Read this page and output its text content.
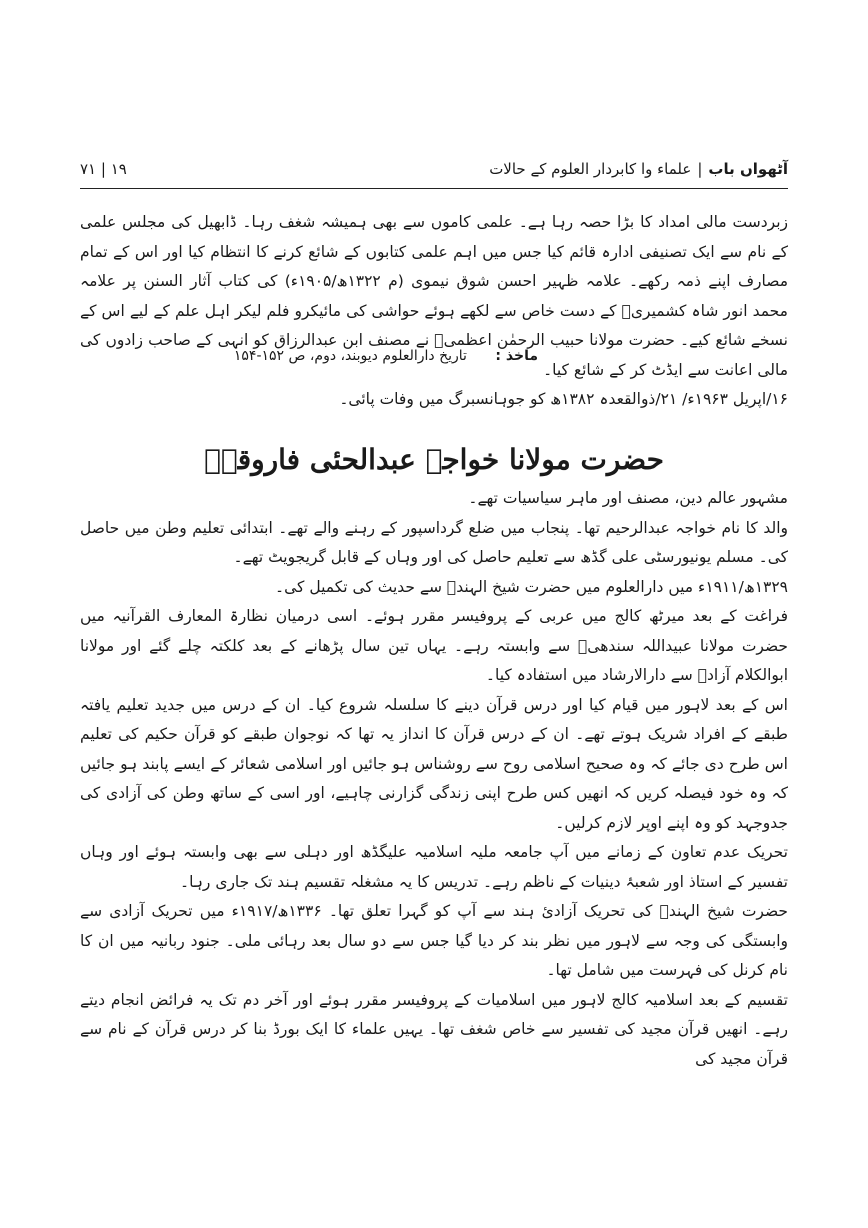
آٹھواں باب
|
علماء وا کابردار العلوم کے حالات
۱۹ | ۷۱

زبردست مالی امداد کا بڑا حصہ رہا ہے۔ علمی کاموں سے بھی ہمیشہ شغف رہا۔ ڈابھیل کی مجلس علمی کے نام سے ایک تصنیفی ادارہ قائم کیا جس میں اہم علمی کتابوں کے شائع کرنے کا انتظام کیا اور اس کے تمام مصارف اپنے ذمہ رکھے۔ علامہ ظہیر احسن شوق نیموی (م ۱۳۲۲ھ/۱۹۰۵ء) کی کتاب آثار السنن پر علامہ محمد انور شاہ کشمیریؒ کے دست خاص سے لکھے ہوئے حواشی کی مائیکرو فلم لیکر اہل علم کے لیے اس کے نسخے شائع کیے۔ حضرت مولانا حبیب الرحمٰن اعظمیؒ نے مصنف ابن عبدالرزاق کو انہی کے صاحب زادوں کی مالی اعانت سے ایڈٹ کر کے شائع کیا۔

۱۶/اپریل ۱۹۶۳ء/ ۲۱/ذوالقعدہ ۱۳۸۲ھ کو جوہانسبرگ میں وفات پائی۔

ماخذ : تاریخ دارالعلوم دیوبند، دوم، ص ۱۵۲-۱۵۴
حضرت مولانا خواجہ عبدالحئی فاروقیؒ

مشہور عالم دین، مصنف اور ماہر سیاسیات تھے۔

والد کا نام خواجہ عبدالرحیم تھا۔ پنجاب میں ضلع گرداسپور کے رہنے والے تھے۔ ابتدائی تعلیم وطن میں حاصل کی۔ مسلم یونیورسٹی علی گڈھ سے تعلیم حاصل کی اور وہاں کے قابل گریجویٹ تھے۔

۱۳۲۹ھ/۱۹۱۱ء میں دارالعلوم میں حضرت شیخ الہندؒ سے حدیث کی تکمیل کی۔

فراغت کے بعد میرٹھ کالج میں عربی کے پروفیسر مقرر ہوئے۔ اسی درمیان نظارۃ المعارف القرآنیہ میں حضرت مولانا عبیداللہ سندھیؒ سے وابستہ رہے۔ یہاں تین سال پڑھانے کے بعد کلکتہ چلے گئے اور مولانا ابوالکلام آزادؒ سے دارالارشاد میں استفادہ کیا۔

اس کے بعد لاہور میں قیام کیا اور درس قرآن دینے کا سلسلہ شروع کیا۔ ان کے درس میں جدید تعلیم یافتہ طبقے کے افراد شریک ہوتے تھے۔ ان کے درس قرآن کا انداز یہ تھا کہ نوجوان طبقے کو قرآن حکیم کی تعلیم اس طرح دی جائے کہ وہ صحیح اسلامی روح سے روشناس ہو جائیں اور اسلامی شعائر کے ایسے پابند ہو جائیں کہ وہ خود فیصلہ کریں کہ انھیں کس طرح اپنی زندگی گزارنی چاہیے، اور اسی کے ساتھ وطن کی آزادی کی جدوجہد کو وہ اپنے اوپر لازم کرلیں۔

تحریک عدم تعاون کے زمانے میں آپ جامعہ ملیہ اسلامیہ علیگڈھ اور دہلی سے بھی وابستہ ہوئے اور وہاں تفسیر کے استاذ اور شعبۂ دینیات کے ناظم رہے۔ تدریس کا یہ مشغلہ تقسیم ہند تک جاری رہا۔

حضرت شیخ الہندؒ کی تحریک آزادئ ہند سے آپ کو گہرا تعلق تھا۔ ۱۳۳۶ھ/۱۹۱۷ء میں تحریک آزادی سے وابستگی کی وجہ سے لاہور میں نظر بند کر دیا گیا جس سے دو سال بعد رہائی ملی۔ جنود ربانیہ میں ان کا نام کرنل کی فہرست میں شامل تھا۔

تقسیم کے بعد اسلامیہ کالج لاہور میں اسلامیات کے پروفیسر مقرر ہوئے اور آخر دم تک یہ فرائض انجام دیتے رہے۔ انھیں قرآن مجید کی تفسیر سے خاص شغف تھا۔ یہیں علماء کا ایک بورڈ بنا کر درس قرآن کے نام سے قرآن مجید کی
